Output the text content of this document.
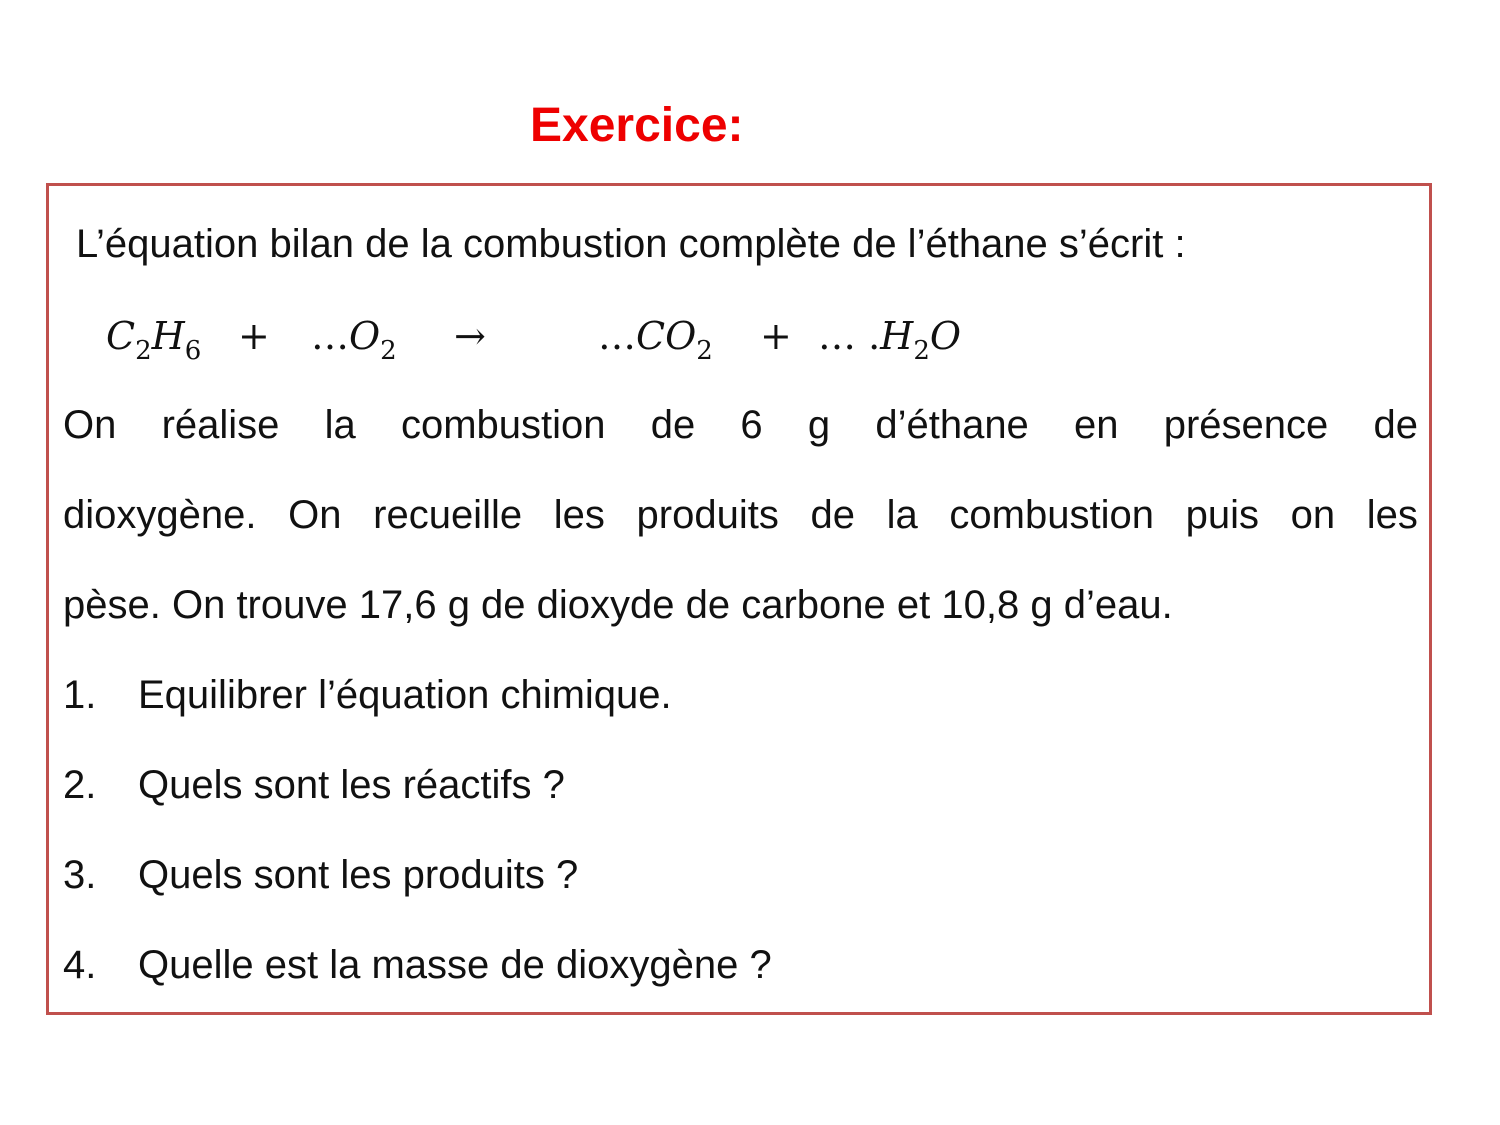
Exercice:
L’équation bilan de la combustion complète de l’éthane s’écrit :
$C_2H_6$ + $\dots O_2$ →	$\dots CO_2$ + … $.H_2O$
On réalise la combustion de 6 g d’éthane en présence de
dioxygène. On recueille les produits de la combustion puis on les
pèse. On trouve 17,6 g de dioxyde de carbone et 10,8 g d’eau.
1. Equilibrer l’équation chimique.
2. Quels sont les réactifs ?
3. Quels sont les produits ?
4. Quelle est la masse de dioxygène ?
